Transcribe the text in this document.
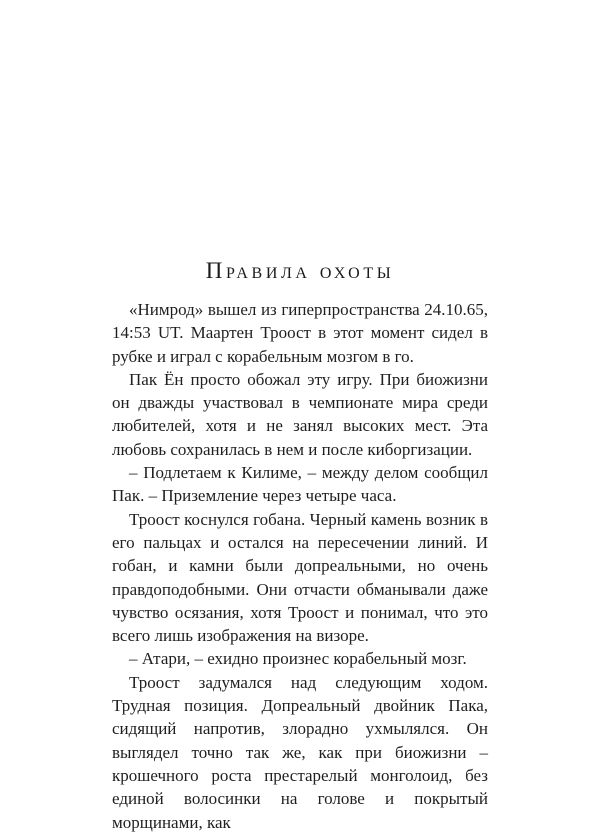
Правила охоты

«Нимрод» вышел из гиперпространства 24.10.65, 14:53 UT. Маартен Троост в этот момент сидел в рубке и играл с корабельным мозгом в го.

Пак Ён просто обожал эту игру. При биожизни он дважды участвовал в чемпионате мира среди любителей, хотя и не занял высоких мест. Эта любовь сохранилась в нем и после киборгизации.

– Подлетаем к Килиме, – между делом сообщил Пак. – Приземление через четыре часа.

Троост коснулся гобана. Черный камень возник в его пальцах и остался на пересечении линий. И гобан, и камни были допреальными, но очень правдоподобными. Они отчасти обманывали даже чувство осязания, хотя Троост и понимал, что это всего лишь изображения на визоре.

– Атари, – ехидно произнес корабельный мозг.

Троост задумался над следующим ходом. Трудная позиция. Допреальный двойник Пака, сидящий напротив, злорадно ухмылялся. Он выглядел точно так же, как при биожизни – крошечного роста престарелый монголоид, без единой волосинки на голове и покрытый морщинами, как
